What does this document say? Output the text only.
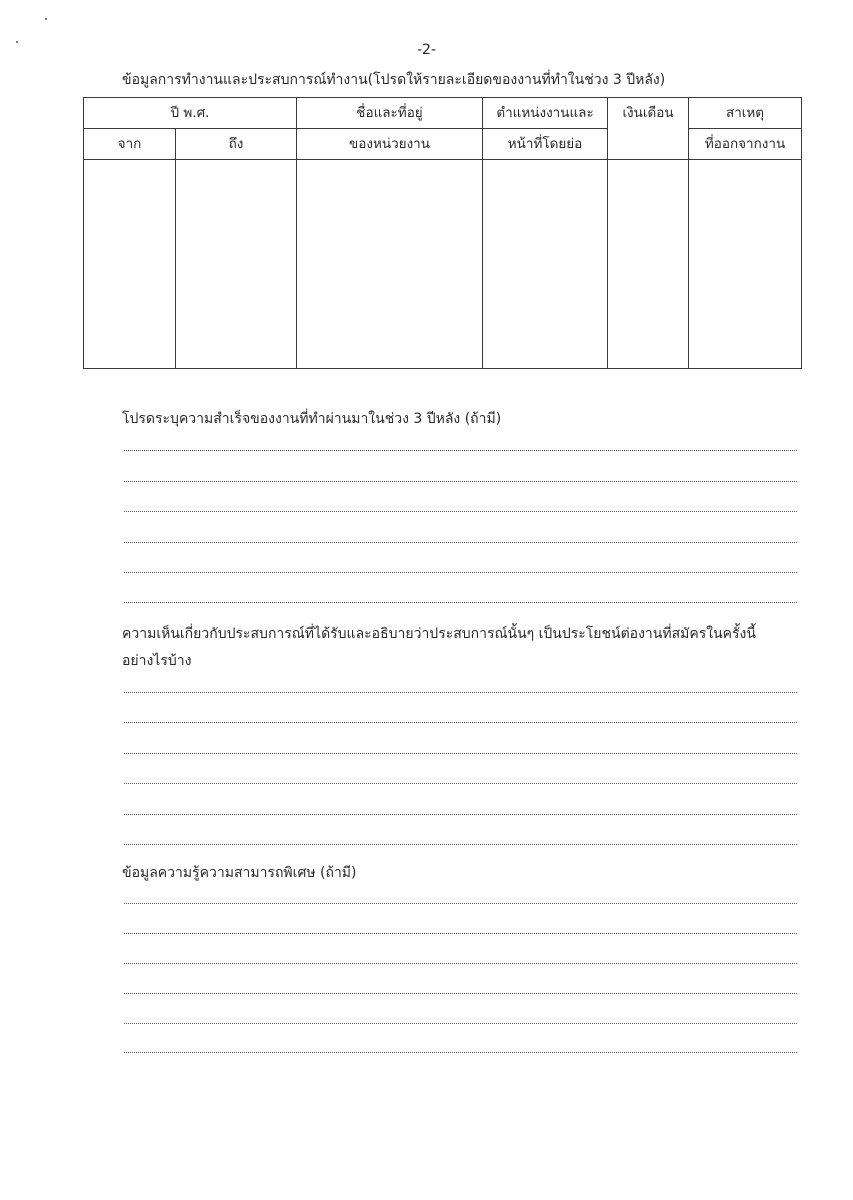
-2-
ข้อมูลการทำงานและประสบการณ์ทำงาน(โปรดให้รายละเอียดของงานที่ทำในช่วง 3 ปีหลัง)
ปี พ.ศ.		ชื่อและที่อยู่	ตำแหน่งงานและ	เงินเดือน	สาเหตุ
จาก	ถึง	ของหน่วยงาน	หน้าที่โดยย่อ		ที่ออกจากงาน

โปรดระบุความสำเร็จของงานที่ทำผ่านมาในช่วง 3 ปีหลัง (ถ้ามี)
ความเห็นเกี่ยวกับประสบการณ์ที่ได้รับและอธิบายว่าประสบการณ์นั้นๆ เป็นประโยชน์ต่องานที่สมัครในครั้งนี้
อย่างไรบ้าง
ข้อมูลความรู้ความสามารถพิเศษ (ถ้ามี)
